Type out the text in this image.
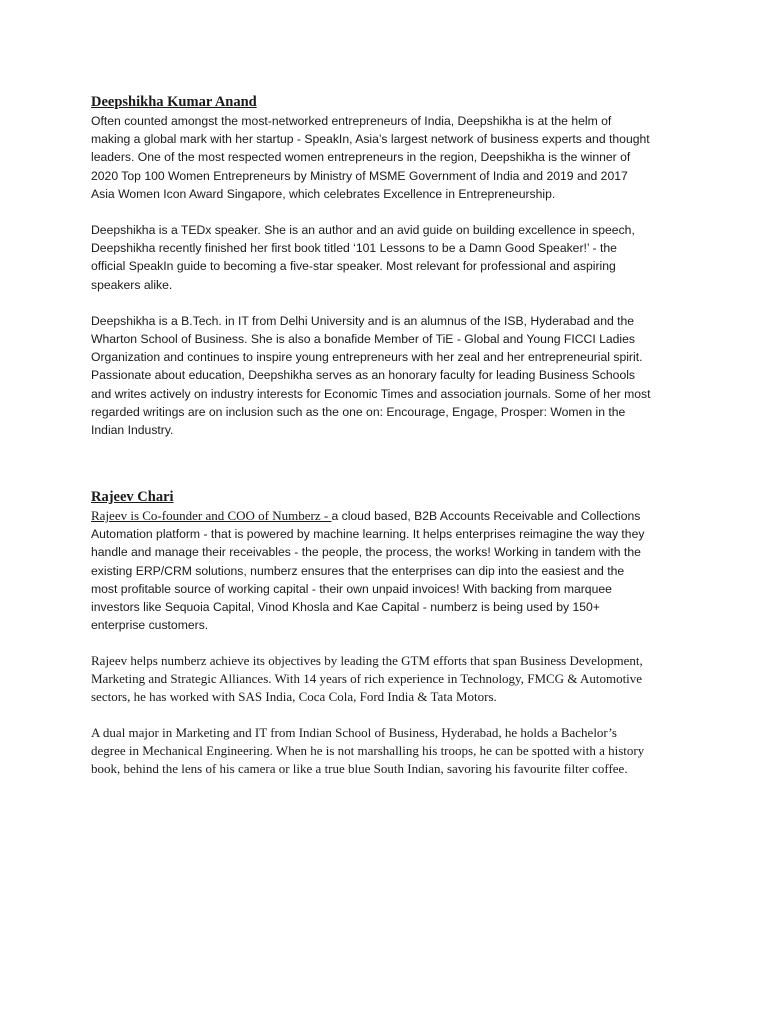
Deepshikha Kumar Anand

Often counted amongst the most-networked entrepreneurs of India, Deepshikha is at the helm of making a global mark with her startup - SpeakIn, Asia’s largest network of business experts and thought leaders. One of the most respected women entrepreneurs in the region, Deepshikha is the winner of 2020 Top 100 Women Entrepreneurs by Ministry of MSME Government of India and 2019 and 2017 Asia Women Icon Award Singapore, which celebrates Excellence in Entrepreneurship.

Deepshikha is a TEDx speaker. She is an author and an avid guide on building excellence in speech, Deepshikha recently finished her first book titled ‘101 Lessons to be a Damn Good Speaker!’ - the official SpeakIn guide to becoming a five-star speaker. Most relevant for professional and aspiring speakers alike.

Deepshikha is a B.Tech. in IT from Delhi University and is an alumnus of the ISB, Hyderabad and the Wharton School of Business. She is also a bonafide Member of TiE - Global and Young FICCI Ladies Organization and continues to inspire young entrepreneurs with her zeal and her entrepreneurial spirit. Passionate about education, Deepshikha serves as an honorary faculty for leading Business Schools and writes actively on industry interests for Economic Times and association journals. Some of her most regarded writings are on inclusion such as the one on: Encourage, Engage, Prosper: Women in the Indian Industry.

Rajeev Chari

Rajeev is Co-founder and COO of Numberz - a cloud based, B2B Accounts Receivable and Collections Automation platform - that is powered by machine learning. It helps enterprises reimagine the way they handle and manage their receivables - the people, the process, the works! Working in tandem with the existing ERP/CRM solutions, numberz ensures that the enterprises can dip into the easiest and the most profitable source of working capital - their own unpaid invoices! With backing from marquee investors like Sequoia Capital, Vinod Khosla and Kae Capital - numberz is being used by 150+ enterprise customers.

Rajeev helps numberz achieve its objectives by leading the GTM efforts that span Business Development, Marketing and Strategic Alliances. With 14 years of rich experience in Technology, FMCG & Automotive sectors, he has worked with SAS India, Coca Cola, Ford India & Tata Motors.

A dual major in Marketing and IT from Indian School of Business, Hyderabad, he holds a Bachelor’s degree in Mechanical Engineering. When he is not marshalling his troops, he can be spotted with a history book, behind the lens of his camera or like a true blue South Indian, savoring his favourite filter coffee.
